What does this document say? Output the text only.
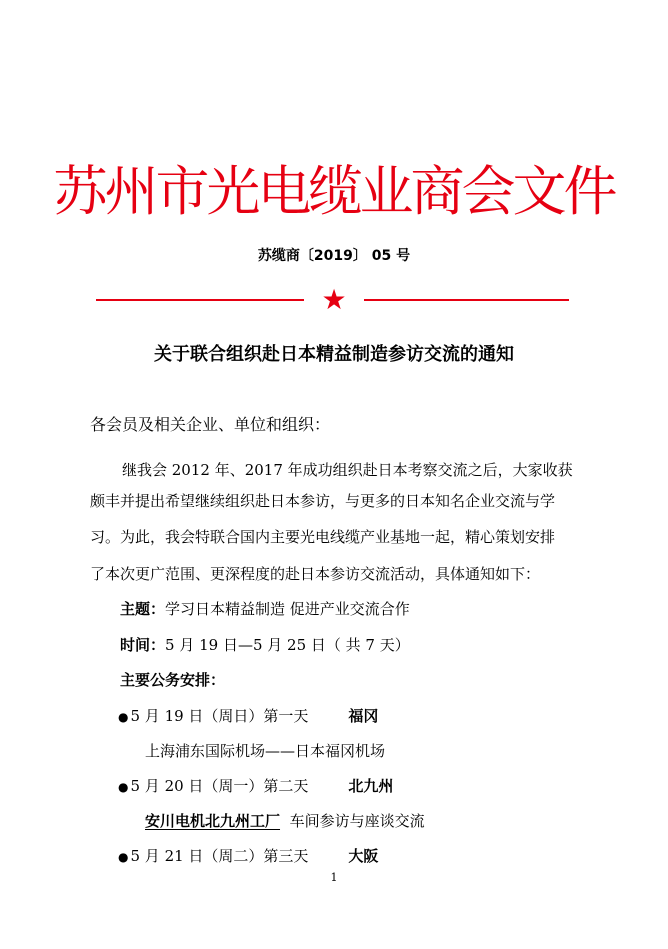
苏州市光电缆业商会文件
苏缆商〔2019〕 05 号
★
关于联合组织赴日本精益制造参访交流的通知
各会员及相关企业、单位和组织：
继我会 2012 年、2017 年成功组织赴日本考察交流之后，大家收获
颇丰并提出希望继续组织赴日本参访，与更多的日本知名企业交流与学
习。为此，我会特联合国内主要光电线缆产业基地一起，精心策划安排
了本次更广范围、更深程度的赴日本参访交流活动，具体通知如下：
主题：学习日本精益制造 促进产业交流合作
时间：5 月 19 日—5 月 25 日（ 共 7 天）
主要公务安排：
● 5 月 19 日（周日）第一天	福冈
上海浦东国际机场——日本福冈机场
● 5 月 20 日（周一）第二天	北九州
安川电机北九州工厂 车间参访与座谈交流
● 5 月 21 日（周二）第三天	大阪
1
